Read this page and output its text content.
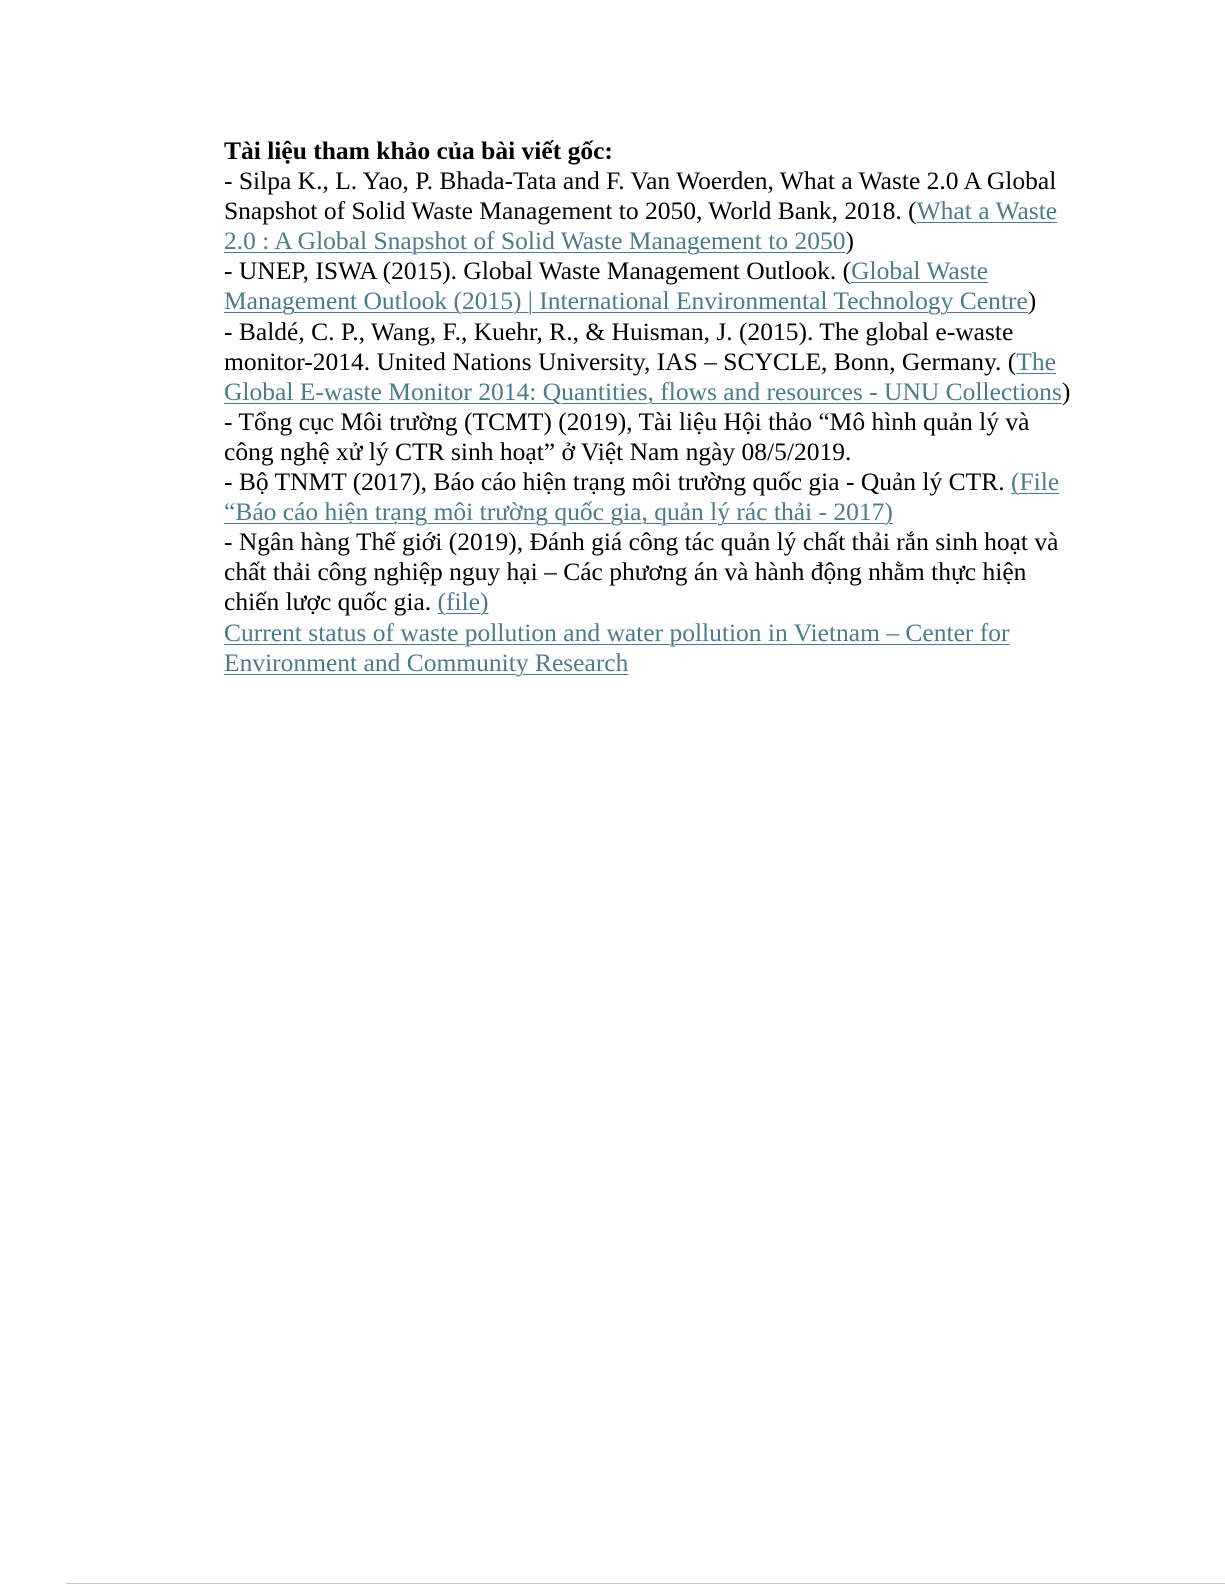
Tài liệu tham khảo của bài viết gốc:

- Silpa K., L. Yao, P. Bhada-Tata and F. Van Woerden, What a Waste 2.0 A Global Snapshot of Solid Waste Management to 2050, World Bank, 2018. (What a Waste 2.0 : A Global Snapshot of Solid Waste Management to 2050)

- UNEP, ISWA (2015). Global Waste Management Outlook. (Global Waste Management Outlook (2015) | International Environmental Technology Centre)

- Baldé, C. P., Wang, F., Kuehr, R., & Huisman, J. (2015). The global e-waste monitor-2014. United Nations University, IAS – SCYCLE, Bonn, Germany. (The Global E-waste Monitor 2014: Quantities, flows and resources - UNU Collections)

- Tổng cục Môi trường (TCMT) (2019), Tài liệu Hội thảo “Mô hình quản lý và công nghệ xử lý CTR sinh hoạt” ở Việt Nam ngày 08/5/2019.

- Bộ TNMT (2017), Báo cáo hiện trạng môi trường quốc gia - Quản lý CTR. (File “Báo cáo hiện trạng môi trường quốc gia, quản lý rác thải - 2017)

- Ngân hàng Thế giới (2019), Đánh giá công tác quản lý chất thải rắn sinh hoạt và chất thải công nghiệp nguy hại – Các phương án và hành động nhằm thực hiện chiến lược quốc gia. (file)

Current status of waste pollution and water pollution in Vietnam – Center for Environment and Community Research
